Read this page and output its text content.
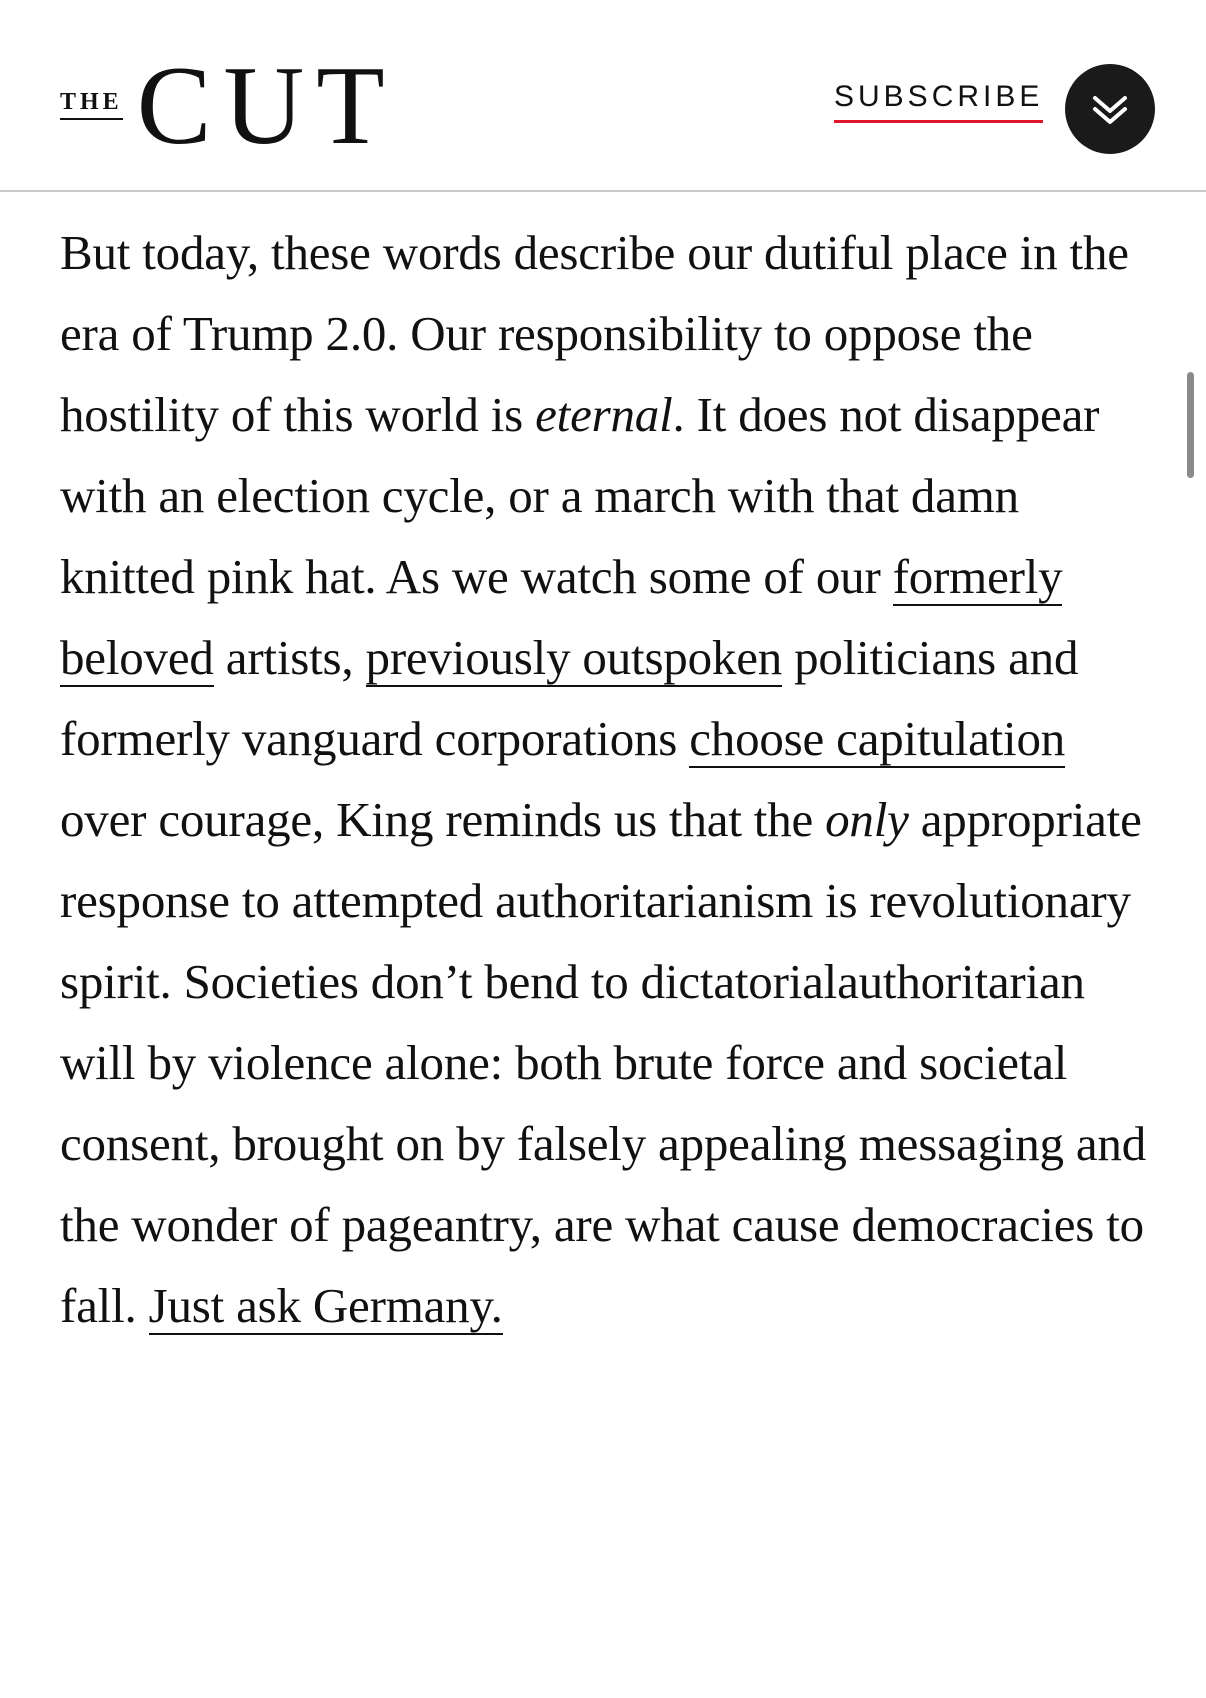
THE CUT	SUBSCRIBE

But today, these words describe our dutiful place in the era of Trump 2.0. Our responsibility to oppose the hostility of this world is eternal. It does not disappear with an election cycle, or a march with that damn knitted pink hat. As we watch some of our formerly beloved artists, previously outspoken politicians and formerly vanguard corporations choose capitulation over courage, King reminds us that the only appropriate response to attempted authoritarianism is revolutionary spirit. Societies don’t bend to dictatorialauthoritarian will by violence alone: both brute force and societal consent, brought on by falsely appealing messaging and the wonder of pageantry, are what cause democracies to fall. Just ask Germany.
